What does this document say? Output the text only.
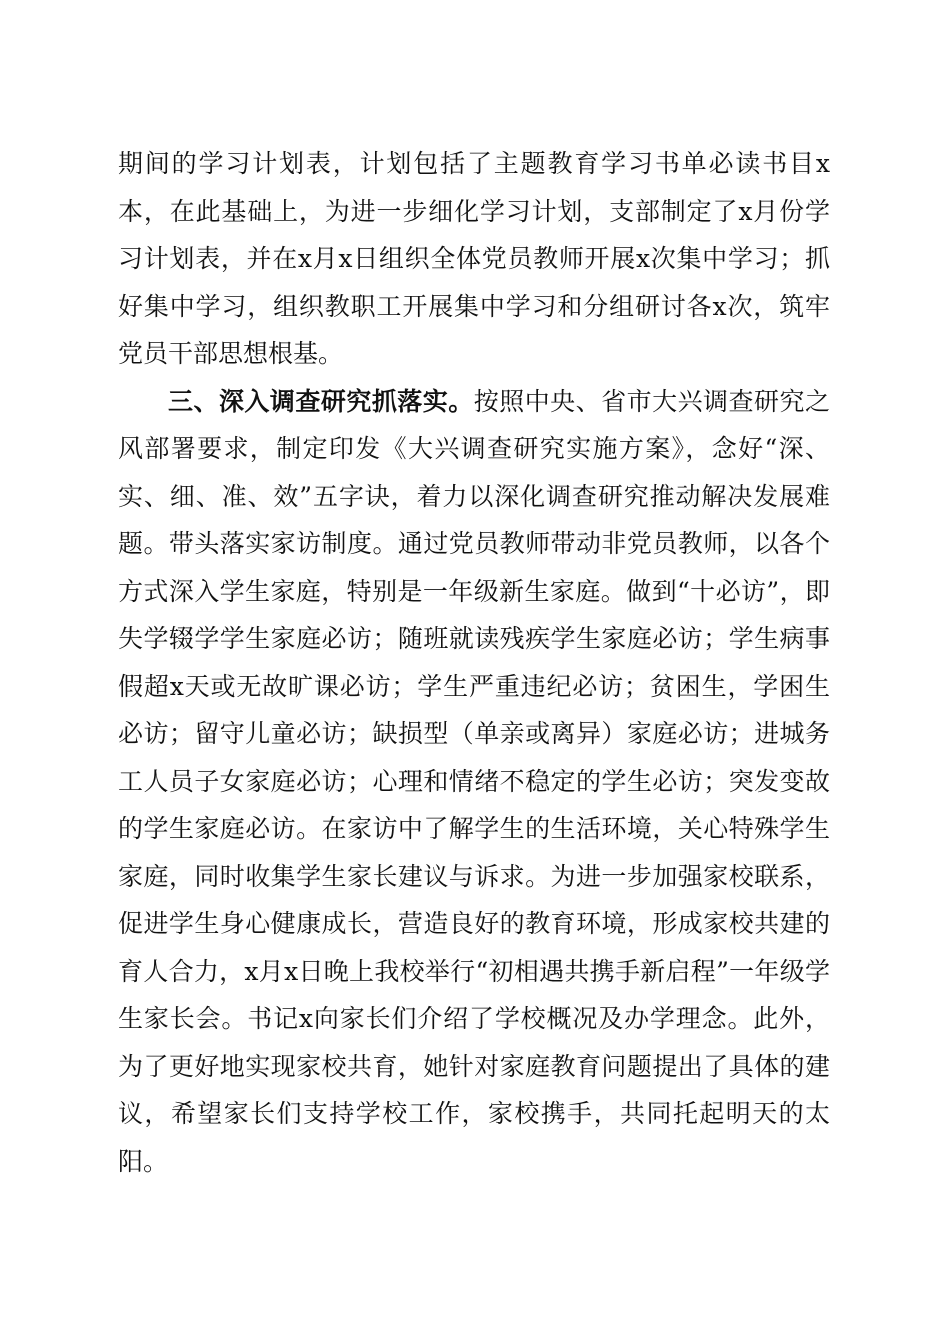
期间的学习计划表，计划包括了主题教育学习书单必读书目x本，在此基础上，为进一步细化学习计划，支部制定了x月份学习计划表，并在x月x日组织全体党员教师开展x次集中学习；抓好集中学习，组织教职工开展集中学习和分组研讨各x次，筑牢党员干部思想根基。

三、深入调查研究抓落实。按照中央、省市大兴调查研究之风部署要求，制定印发《大兴调查研究实施方案》，念好“深、实、细、准、效”五字诀，着力以深化调查研究推动解决发展难题。带头落实家访制度。通过党员教师带动非党员教师，以各个方式深入学生家庭，特别是一年级新生家庭。做到“十必访”，即失学辍学学生家庭必访；随班就读残疾学生家庭必访；学生病事假超x天或无故旷课必访；学生严重违纪必访；贫困生，学困生必访；留守儿童必访；缺损型（单亲或离异）家庭必访；进城务工人员子女家庭必访；心理和情绪不稳定的学生必访；突发变故的学生家庭必访。在家访中了解学生的生活环境，关心特殊学生家庭，同时收集学生家长建议与诉求。为进一步加强家校联系，促进学生身心健康成长，营造良好的教育环境，形成家校共建的育人合力，x月x日晚上我校举行“初相遇共携手新启程”一年级学生家长会。书记x向家长们介绍了学校概况及办学理念。此外，为了更好地实现家校共育，她针对家庭教育问题提出了具体的建议，希望家长们支持学校工作，家校携手，共同托起明天的太阳。
